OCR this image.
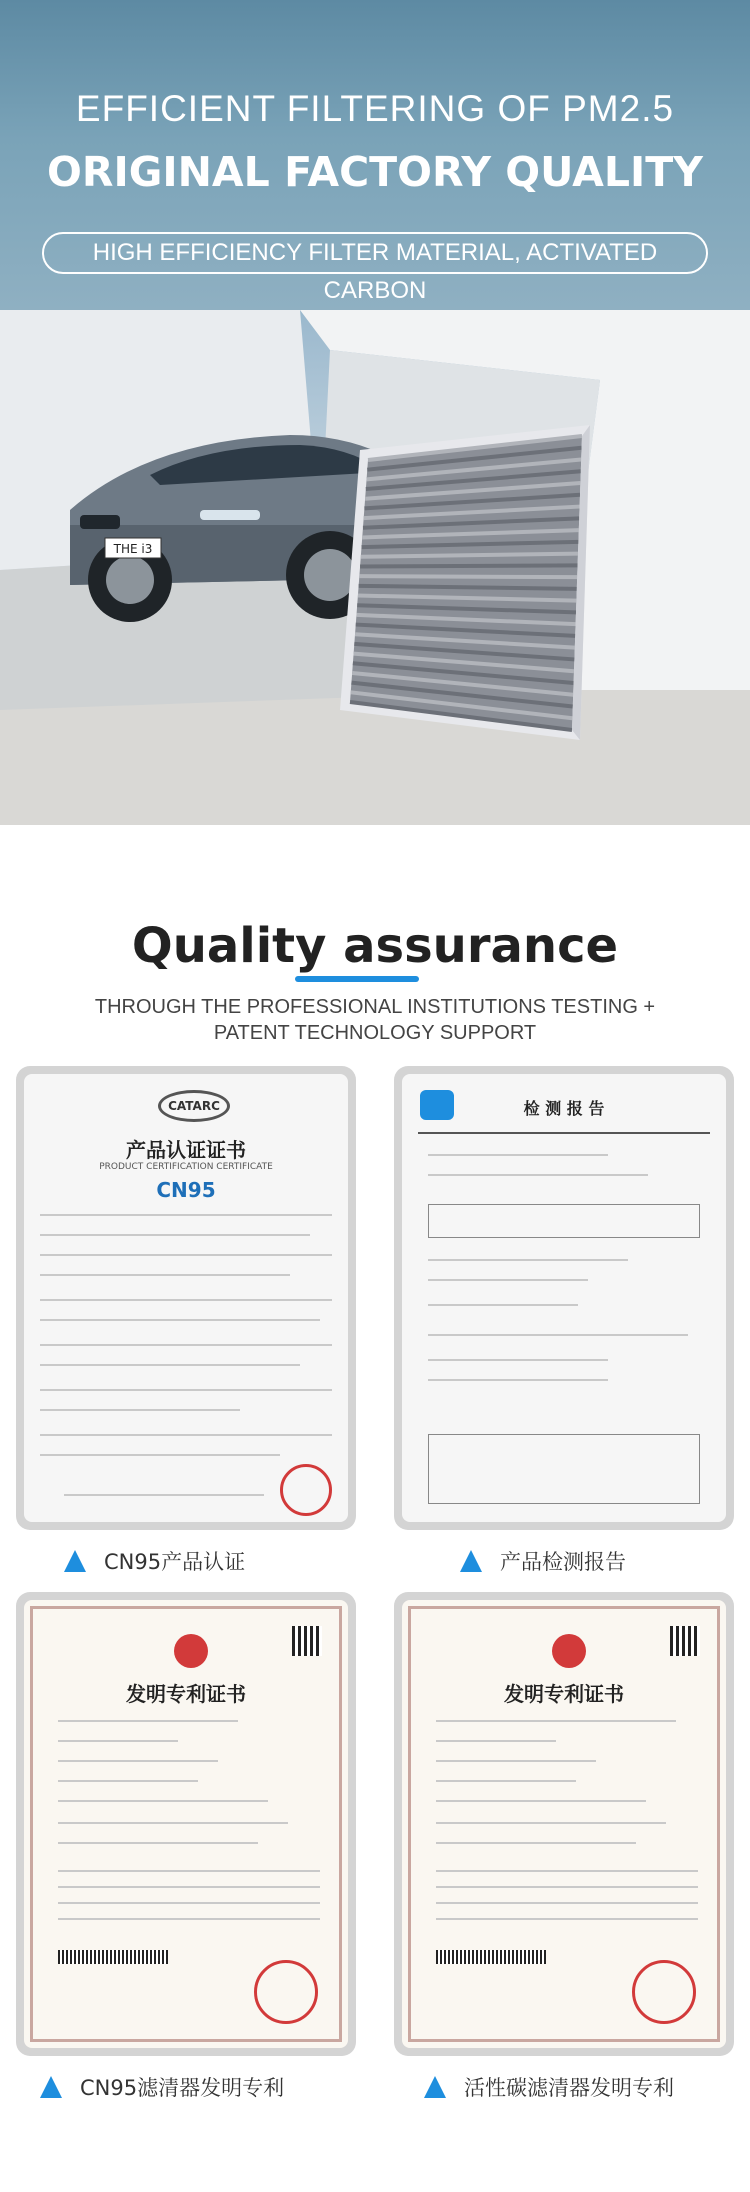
EFFICIENT FILTERING OF PM2.5
ORIGINAL FACTORY QUALITY
HIGH EFFICIENCY FILTER MATERIAL, ACTIVATED CARBON
THE i3
Quality assurance
THROUGH THE PROFESSIONAL INSTITUTIONS TESTING +
PATENT TECHNOLOGY SUPPORT
CATARC
产品认证证书
PRODUCT CERTIFICATION CERTIFICATE
CN95
CN95产品认证
检 测 报 告
产品检测报告
发明专利证书
CN95滤清器发明专利
发明专利证书
活性碳滤清器发明专利
